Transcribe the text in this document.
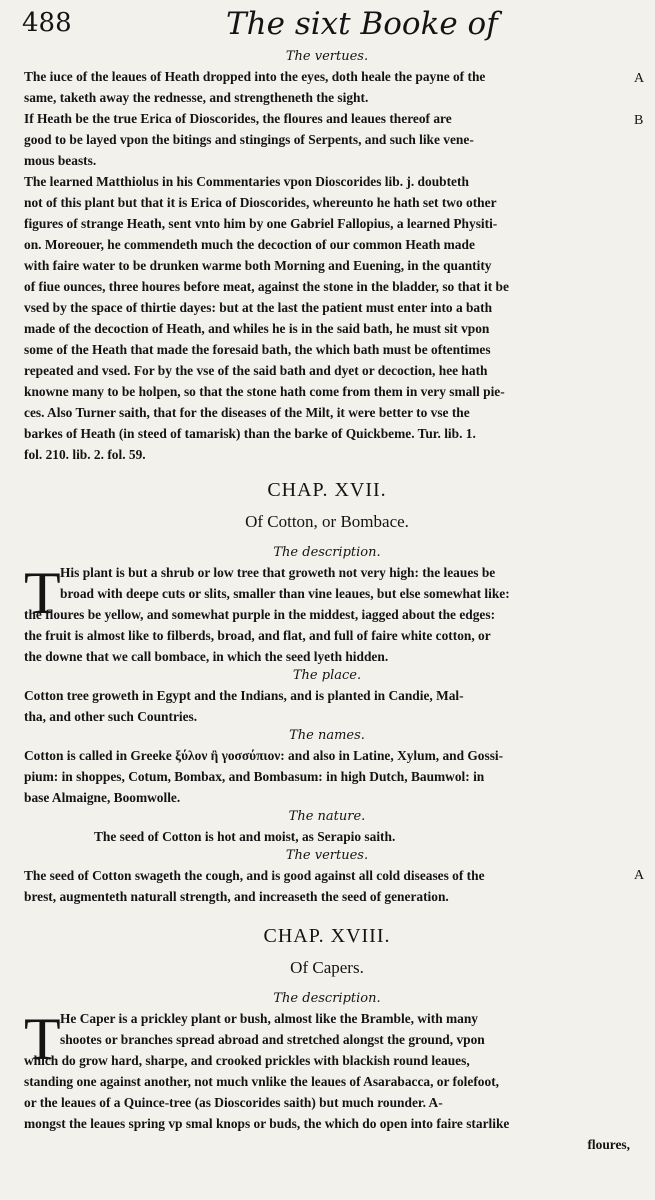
488	The sixt Booke of
A
B

The vertues.

The iuce of the leaues of Heath dropped into the eyes, doth heale the payne of the

same, taketh away the rednesse, and strengtheneth the sight.

If Heath be the true Erica of Dioscorides, the floures and leaues thereof are

good to be layed vpon the bitings and stingings of Serpents, and such like vene-

mous beasts.

The learned Matthiolus in his Commentaries vpon Dioscorides lib. j. doubteth

not of this plant but that it is Erica of Dioscorides, whereunto he hath set two other

figures of strange Heath, sent vnto him by one Gabriel Fallopius, a learned Physiti-

on. Moreouer, he commendeth much the decoction of our common Heath made

with faire water to be drunken warme both Morning and Euening, in the quantity

of fiue ounces, three houres before meat, against the stone in the bladder, so that it be

vsed by the space of thirtie dayes: but at the last the patient must enter into a bath

made of the decoction of Heath, and whiles he is in the said bath, he must sit vpon

some of the Heath that made the foresaid bath, the which bath must be oftentimes

repeated and vsed. For by the vse of the said bath and dyet or decoction, hee hath

knowne many to be holpen, so that the stone hath come from them in very small pie-

ces. Also Turner saith, that for the diseases of the Milt, it were better to vse the

barkes of Heath (in steed of tamarisk) than the barke of Quickbeme. Tur. lib. 1.

fol. 210. lib. 2. fol. 59.

CHAP. XVII.

Of Cotton, or Bombace.

The description.

T His plant is but a shrub or low tree that groweth not very high: the leaues be

broad with deepe cuts or slits, smaller than vine leaues, but else somewhat like:

the floures be yellow, and somewhat purple in the middest, iagged about the edges:

the fruit is almost like to filberds, broad, and flat, and full of faire white cotton, or

the downe that we call bombace, in which the seed lyeth hidden.

The place.

Cotton tree groweth in Egypt and the Indians, and is planted in Candie, Mal-

tha, and other such Countries.

The names.

Cotton is called in Greeke ξύλον ἢ γοσσύπιον: and also in Latine, Xylum, and Gossi-

pium: in shoppes, Cotum, Bombax, and Bombasum: in high Dutch, Baumwol: in

base Almaigne, Boomwolle.

The nature.

The seed of Cotton is hot and moist, as Serapio saith.

The vertues.

The seed of Cotton swageth the cough, and is good against all cold diseases of the

brest, augmenteth naturall strength, and increaseth the seed of generation.

CHAP. XVIII.

Of Capers.

The description.

T He Caper is a prickley plant or bush, almost like the Bramble, with many

shootes or branches spread abroad and stretched alongst the ground, vpon

which do grow hard, sharpe, and crooked prickles with blackish round leaues,

standing one against another, not much vnlike the leaues of Asarabacca, or folefoot,

or the leaues of a Quince-tree (as Dioscorides saith) but much rounder. A-

mongst the leaues spring vp smal knops or buds, the which do open into faire starlike

floures,

A
